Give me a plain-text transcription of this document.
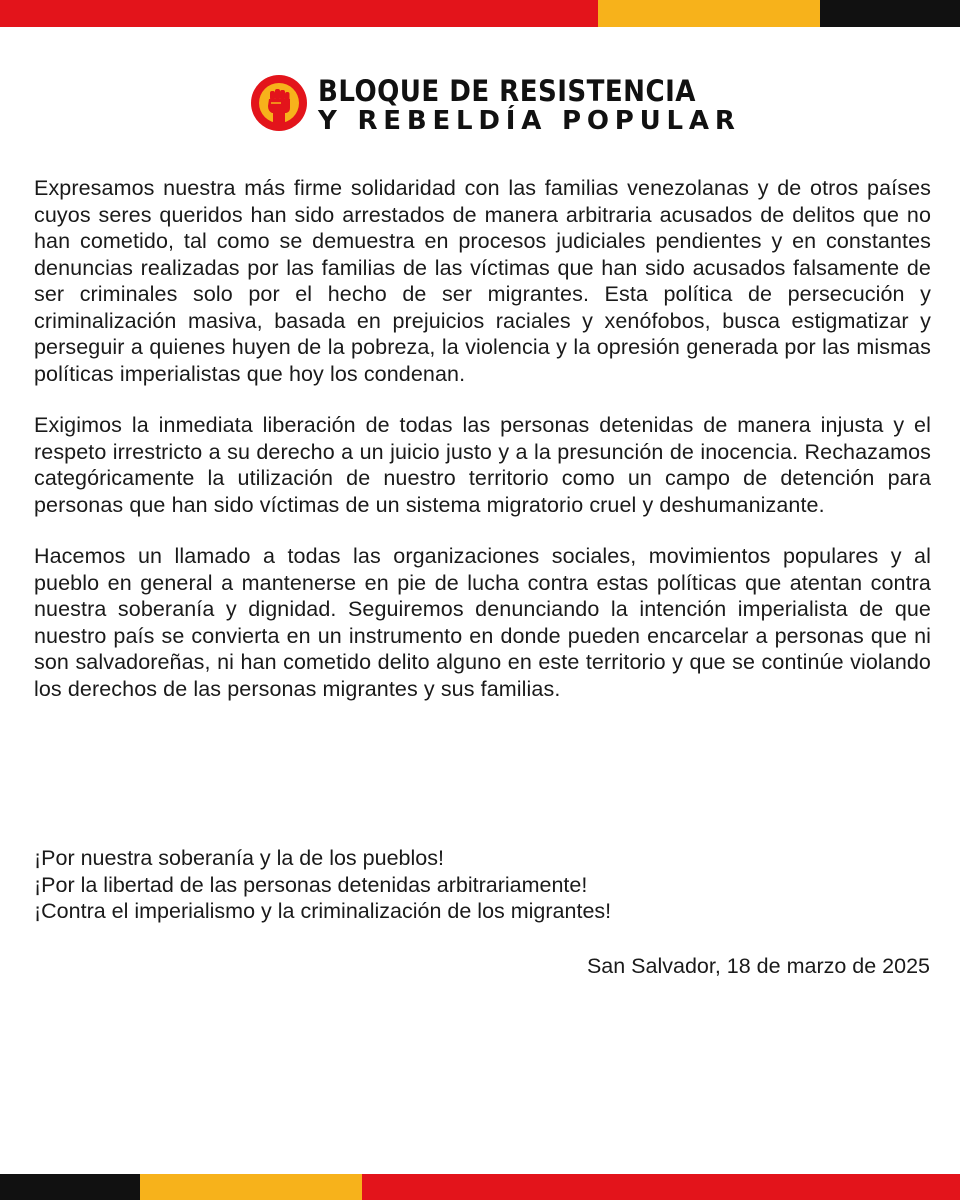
BLOQUE DE RESISTENCIA
Y REBELDÍA POPULAR

Expresamos nuestra más firme solidaridad con las familias venezolanas y de otros países cuyos seres queridos han sido arrestados de manera arbitraria acusados de delitos que no han cometido, tal como se demuestra en procesos judiciales pendientes y en constantes denuncias realizadas por las familias de las víctimas que han sido acusados falsamente de ser criminales solo por el hecho de ser migrantes. Esta política de persecución y criminalización masiva, basada en prejuicios raciales y xenófobos, busca estigmatizar y perseguir a quienes huyen de la pobreza, la violencia y la opresión generada por las mismas políticas imperialistas que hoy los condenan.

Exigimos la inmediata liberación de todas las personas detenidas de manera injusta y el respeto irrestricto a su derecho a un juicio justo y a la presunción de inocencia. Rechazamos categóricamente la utilización de nuestro territorio como un campo de detención para personas que han sido víctimas de un sistema migratorio cruel y deshumanizante.

Hacemos un llamado a todas las organizaciones sociales, movimientos populares y al pueblo en general a mantenerse en pie de lucha contra estas políticas que atentan contra nuestra soberanía y dignidad. Seguiremos denunciando la intención imperialista de que nuestro país se convierta en un instrumento en donde pueden encarcelar a personas que ni son salvadoreñas, ni han cometido delito alguno en este territorio y que se continúe violando los derechos de las personas migrantes y sus familias.

¡Por nuestra soberanía y la de los pueblos!
¡Por la libertad de las personas detenidas arbitrariamente!
¡Contra el imperialismo y la criminalización de los migrantes!
San Salvador, 18 de marzo de 2025
